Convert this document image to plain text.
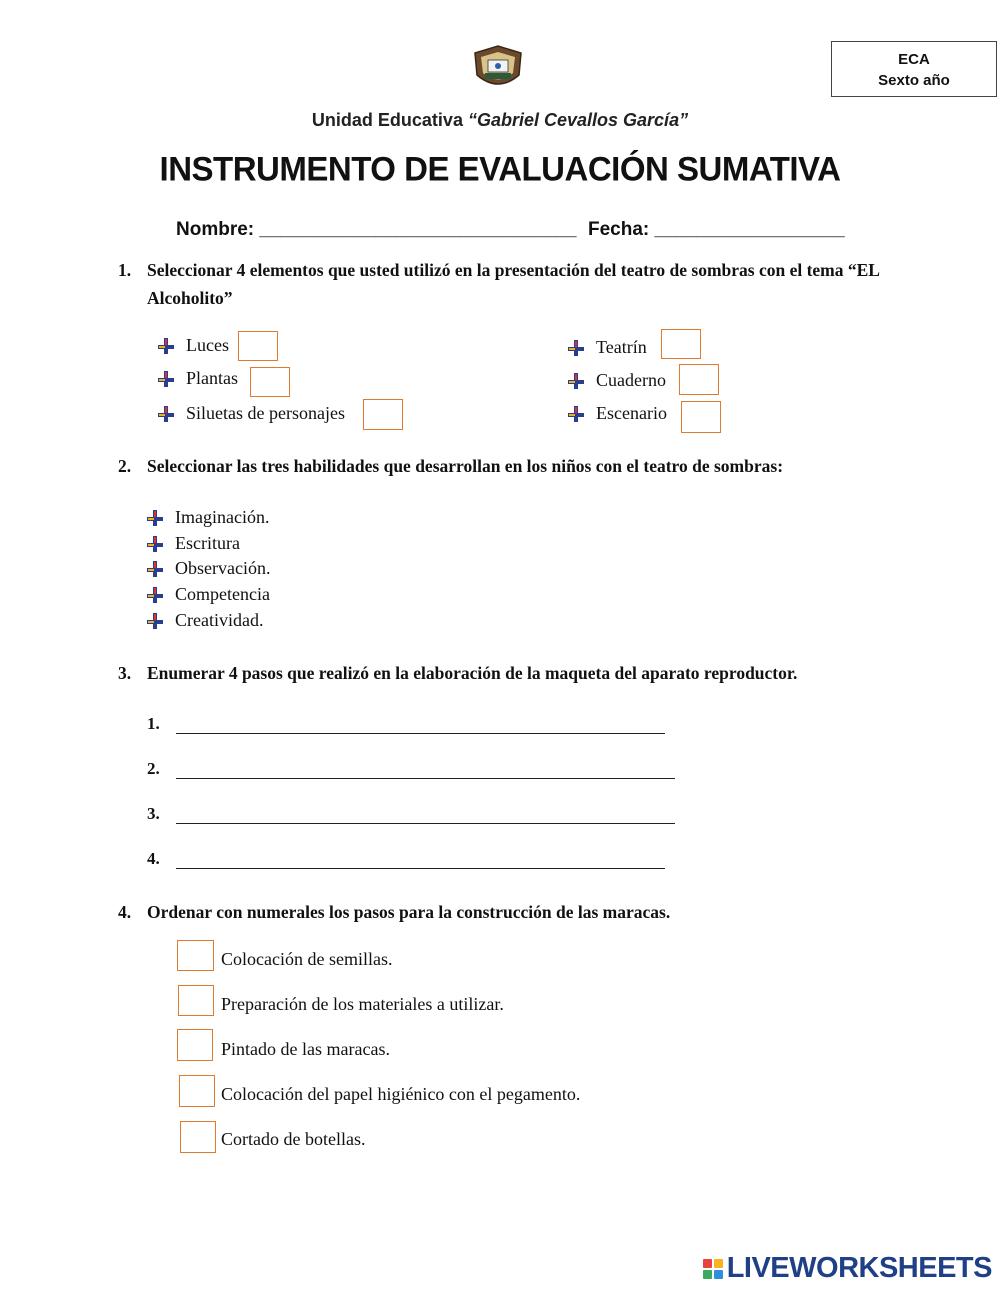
ECA
Sexto año
Unidad Educativa “Gabriel Cevallos García”
INSTRUMENTO DE EVALUACIÓN SUMATIVA
Nombre: ______________________________ Fecha: __________________
1. Seleccionar 4 elementos que usted utilizó en la presentación del teatro de sombras con el tema “EL Alcoholito”
Luces
Plantas
Siluetas de personajes
Teatrín
Cuaderno
Escenario
2. Seleccionar las tres habilidades que desarrollan en los niños con el teatro de sombras:
Imaginación.
Escritura
Observación.
Competencia
Creatividad.
3. Enumerar 4 pasos que realizó en la elaboración de la maqueta del aparato reproductor.
1.
2.
3.
4.
4. Ordenar con numerales los pasos para la construcción de las maracas.
Colocación de semillas.
Preparación de los materiales a utilizar.
Pintado de las maracas.
Colocación del papel higiénico con el pegamento.
Cortado de botellas.
LIVEWORKSHEETS
